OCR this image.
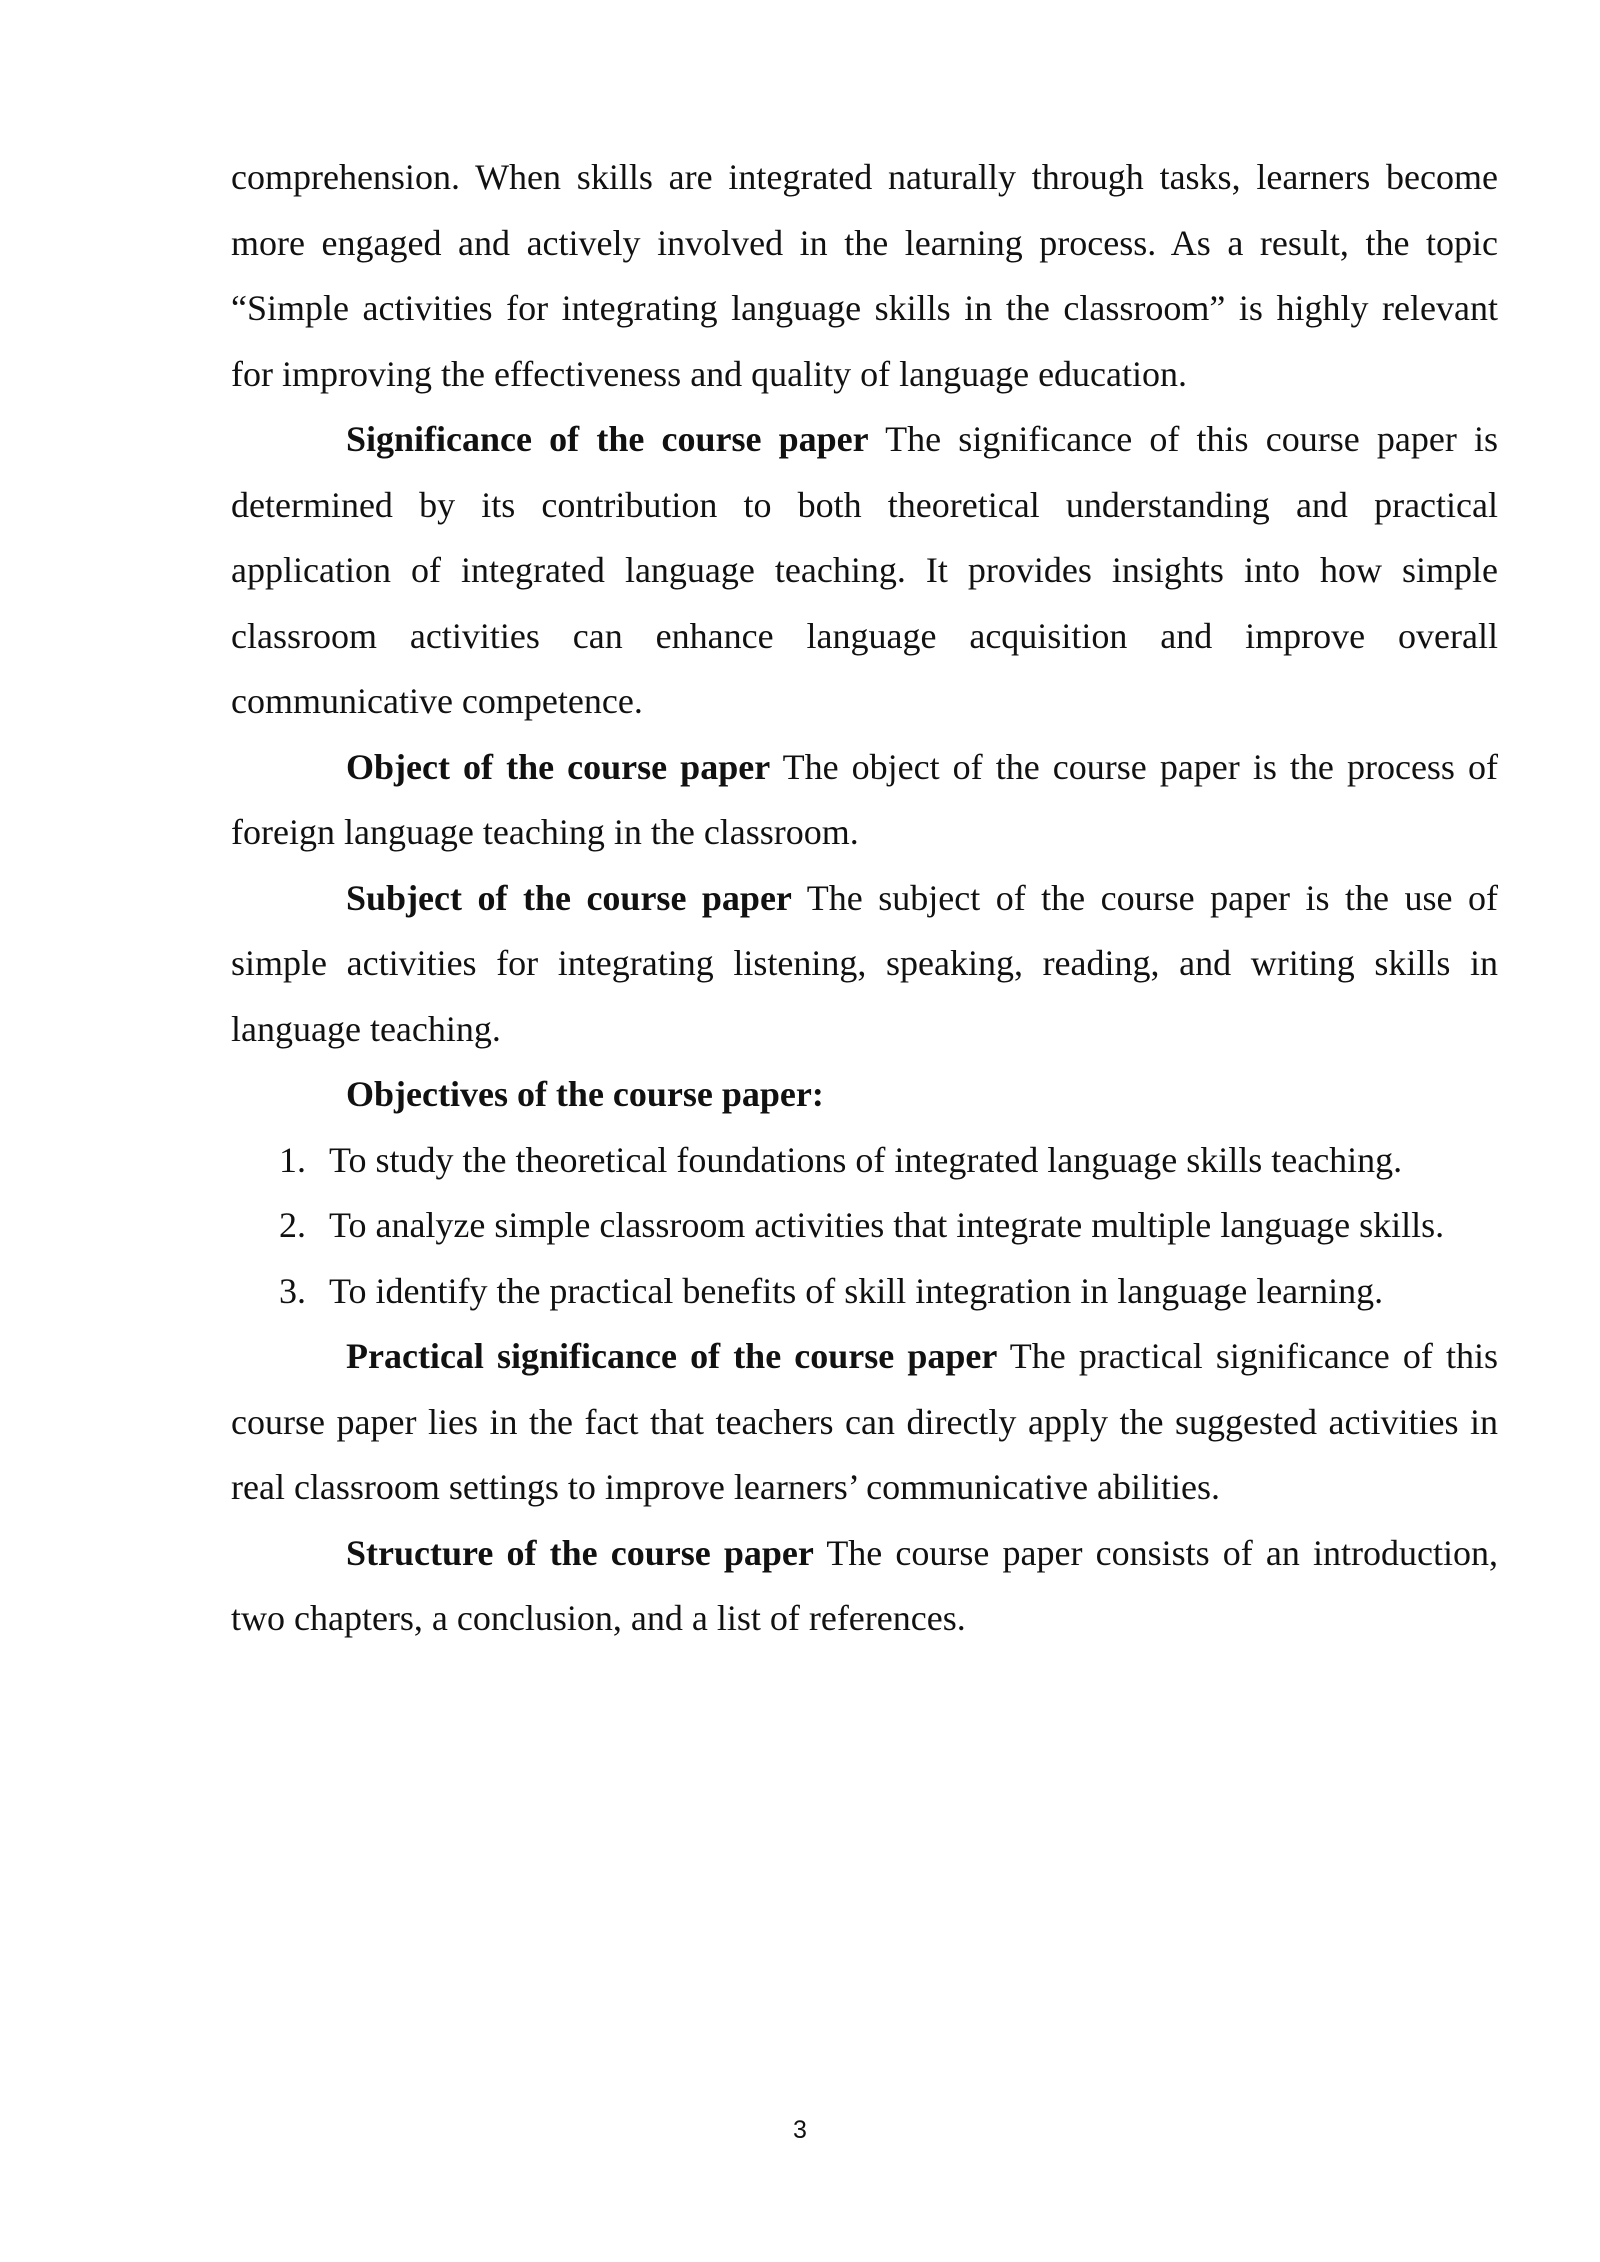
comprehension. When skills are integrated naturally through tasks, learners become more engaged and actively involved in the learning process. As a result, the topic “Simple activities for integrating language skills in the classroom” is highly relevant for improving the effectiveness and quality of language education.

Significance of the course paper The significance of this course paper is determined by its contribution to both theoretical understanding and practical application of integrated language teaching. It provides insights into how simple classroom activities can enhance language acquisition and improve overall communicative competence.

Object of the course paper The object of the course paper is the process of foreign language teaching in the classroom.

Subject of the course paper The subject of the course paper is the use of simple activities for integrating listening, speaking, reading, and writing skills in language teaching.

Objectives of the course paper:

1. To study the theoretical foundations of integrated language skills teaching.
2. To analyze simple classroom activities that integrate multiple language skills.
3. To identify the practical benefits of skill integration in language learning.

Practical significance of the course paper The practical significance of this course paper lies in the fact that teachers can directly apply the suggested activities in real classroom settings to improve learners’ communicative abilities.

Structure of the course paper The course paper consists of an introduction, two chapters, a conclusion, and a list of references.

3
